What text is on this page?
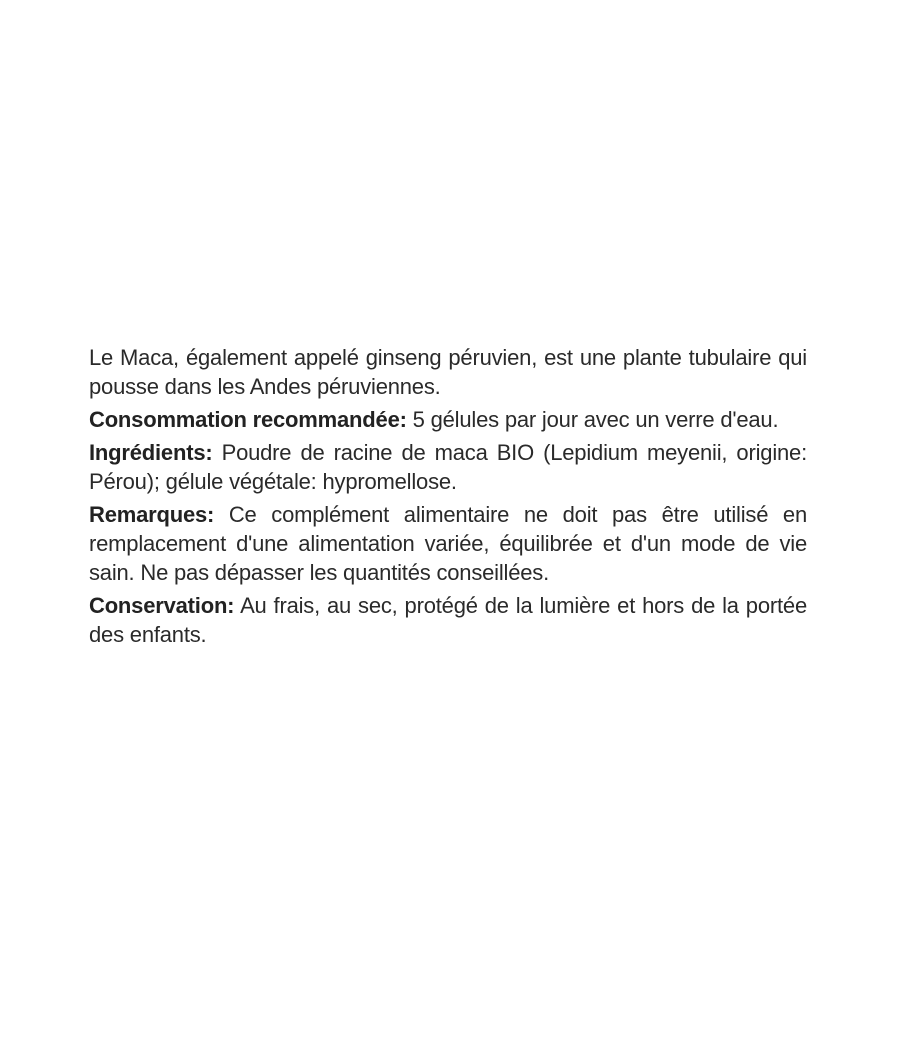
Le Maca, également appelé ginseng péruvien, est une plante tubulaire qui pousse dans les Andes péruviennes.

Consommation recommandée: 5 gélules par jour avec un verre d'eau.

Ingrédients: Poudre de racine de maca BIO (Lepidium meyenii, origine: Pérou); gélule végétale: hypromellose.

Remarques: Ce complément alimentaire ne doit pas être utilisé en remplacement d'une alimentation variée, équilibrée et d'un mode de vie sain. Ne pas dépasser les quantités conseillées.

Conservation: Au frais, au sec, protégé de la lumière et hors de la portée des enfants.
